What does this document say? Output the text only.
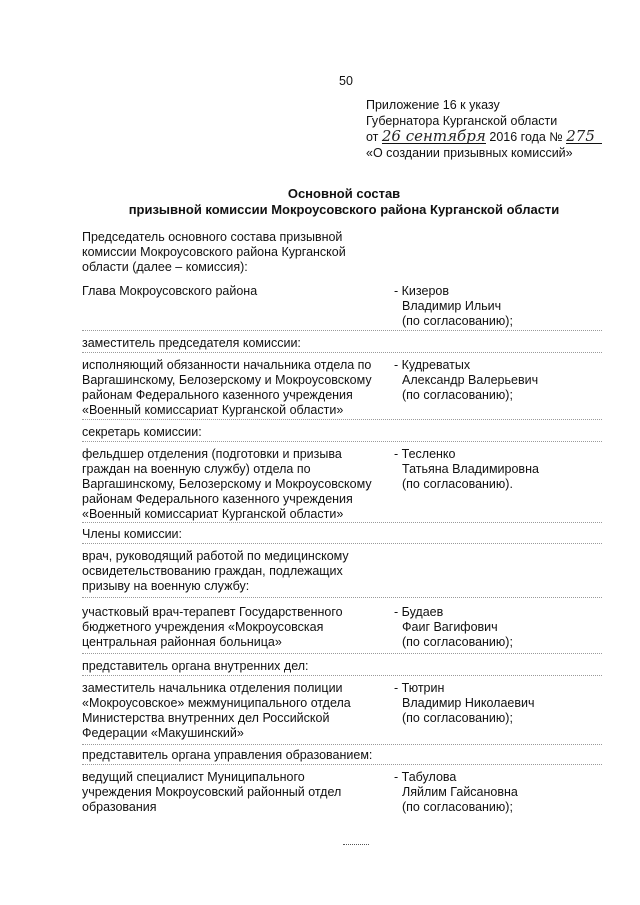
50
Приложение 16 к указу
Губернатора Курганской области
от 26 сентября 2016 года № 275
«О создании призывных комиссий»
Основной состав
призывной комиссии Мокроусовского района Курганской области
Председатель основного состава призывной
комиссии Мокроусовского района Курганской
области (далее – комиссия):
Глава Мокроусовского района	- Кизеров
Владимир Ильич
(по согласованию);
заместитель председателя комиссии:
исполняющий обязанности начальника отдела по
Варгашинскому, Белозерскому и Мокроусовскому
районам Федерального казенного учреждения
«Военный комиссариат Курганской области»
- Кудреватых
Александр Валерьевич
(по согласованию);
секретарь комиссии:
фельдшер отделения (подготовки и призыва
граждан на военную службу) отдела по
Варгашинскому, Белозерскому и Мокроусовскому
районам Федерального казенного учреждения
«Военный комиссариат Курганской области»
- Тесленко
Татьяна Владимировна
(по согласованию).
Члены комиссии:
врач, руководящий работой по медицинскому
освидетельствованию граждан, подлежащих
призыву на военную службу:
участковый врач-терапевт Государственного
бюджетного учреждения «Мокроусовская
центральная районная больница»
- Будаев
Фаиг Вагифович
(по согласованию);
представитель органа внутренних дел:
заместитель начальника отделения полиции
«Мокроусовское» межмуниципального отдела
Министерства внутренних дел Российской
Федерации «Макушинский»
- Тютрин
Владимир Николаевич
(по согласованию);
представитель органа управления образованием:
ведущий специалист Муниципального
учреждения Мокроусовский районный отдел
образования
- Табулова
Ляйлим Гайсановна
(по согласованию);
